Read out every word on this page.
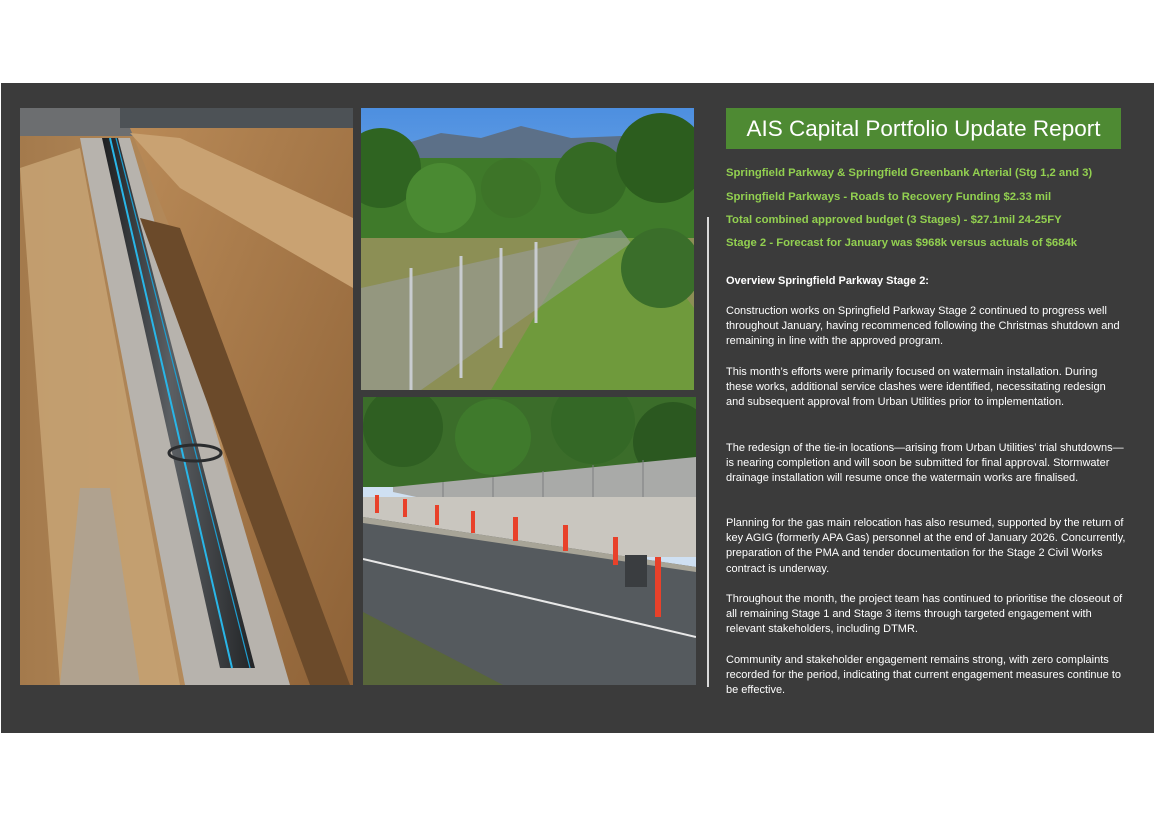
AIS Capital Portfolio Update Report
Springfield Parkway & Springfield Greenbank Arterial (Stg 1,2 and 3)
Springfield Parkways - Roads to Recovery Funding $2.33 mil
Total combined approved budget (3 Stages) - $27.1mil 24-25FY
Stage 2 - Forecast for January was $968k versus actuals of $684k
Overview Springfield Parkway Stage 2:

Construction works on Springfield Parkway Stage 2 continued to progress well throughout January, having recommenced following the Christmas shutdown and remaining in line with the approved program.

This month’s efforts were primarily focused on watermain installation. During these works, additional service clashes were identified, necessitating redesign and subsequent approval from Urban Utilities prior to implementation.

The redesign of the tie-in locations—arising from Urban Utilities’ trial shutdowns—is nearing completion and will soon be submitted for final approval. Stormwater drainage installation will resume once the watermain works are finalised.

Planning for the gas main relocation has also resumed, supported by the return of key AGIG (formerly APA Gas) personnel at the end of January 2026. Concurrently, preparation of the PMA and tender documentation for the Stage 2 Civil Works contract is underway.

Throughout the month, the project team has continued to prioritise the closeout of all remaining Stage 1 and Stage 3 items through targeted engagement with relevant stakeholders, including DTMR.

Community and stakeholder engagement remains strong, with zero complaints recorded for the period, indicating that current engagement measures continue to be effective.
